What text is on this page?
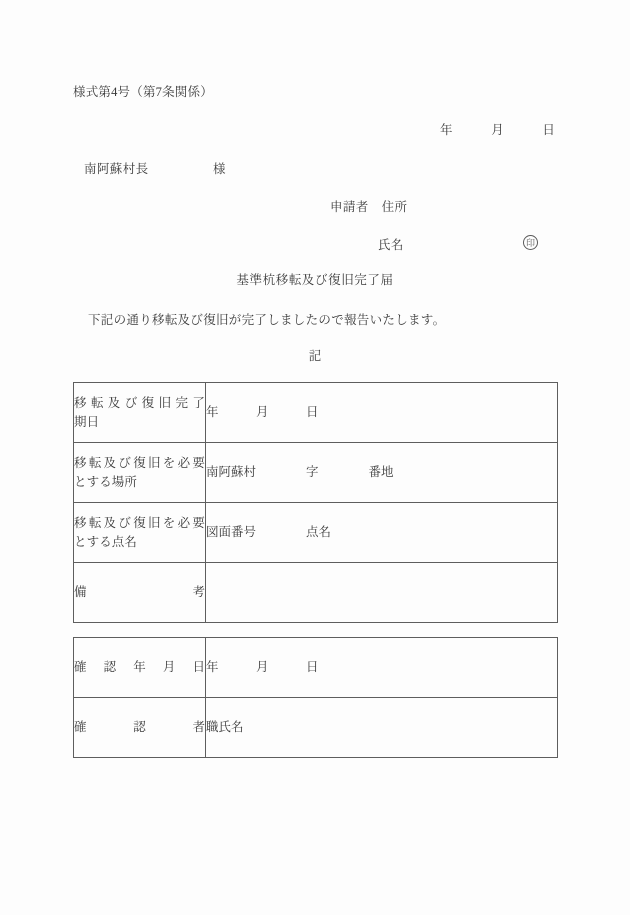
様式第4号（第7条関係）
年　　　月　　　日
南阿蘇村長　　　　　様
申請者　住所
氏名	印
基準杭移転及び復旧完了届
下記の通り移転及び復旧が完了しましたので報告いたします。
記
移転及び復旧完了
期日	年　　　月　　　日

移転及び復旧を必要
とする場所	南阿蘇村　　　　字　　　　番地

移転及び復旧を必要
とする点名	図面番号　　　　点名

備　　　　　　　考	

確　認　年　月　日	年　　　月　　　日

確　　　認　　　者	職氏名
